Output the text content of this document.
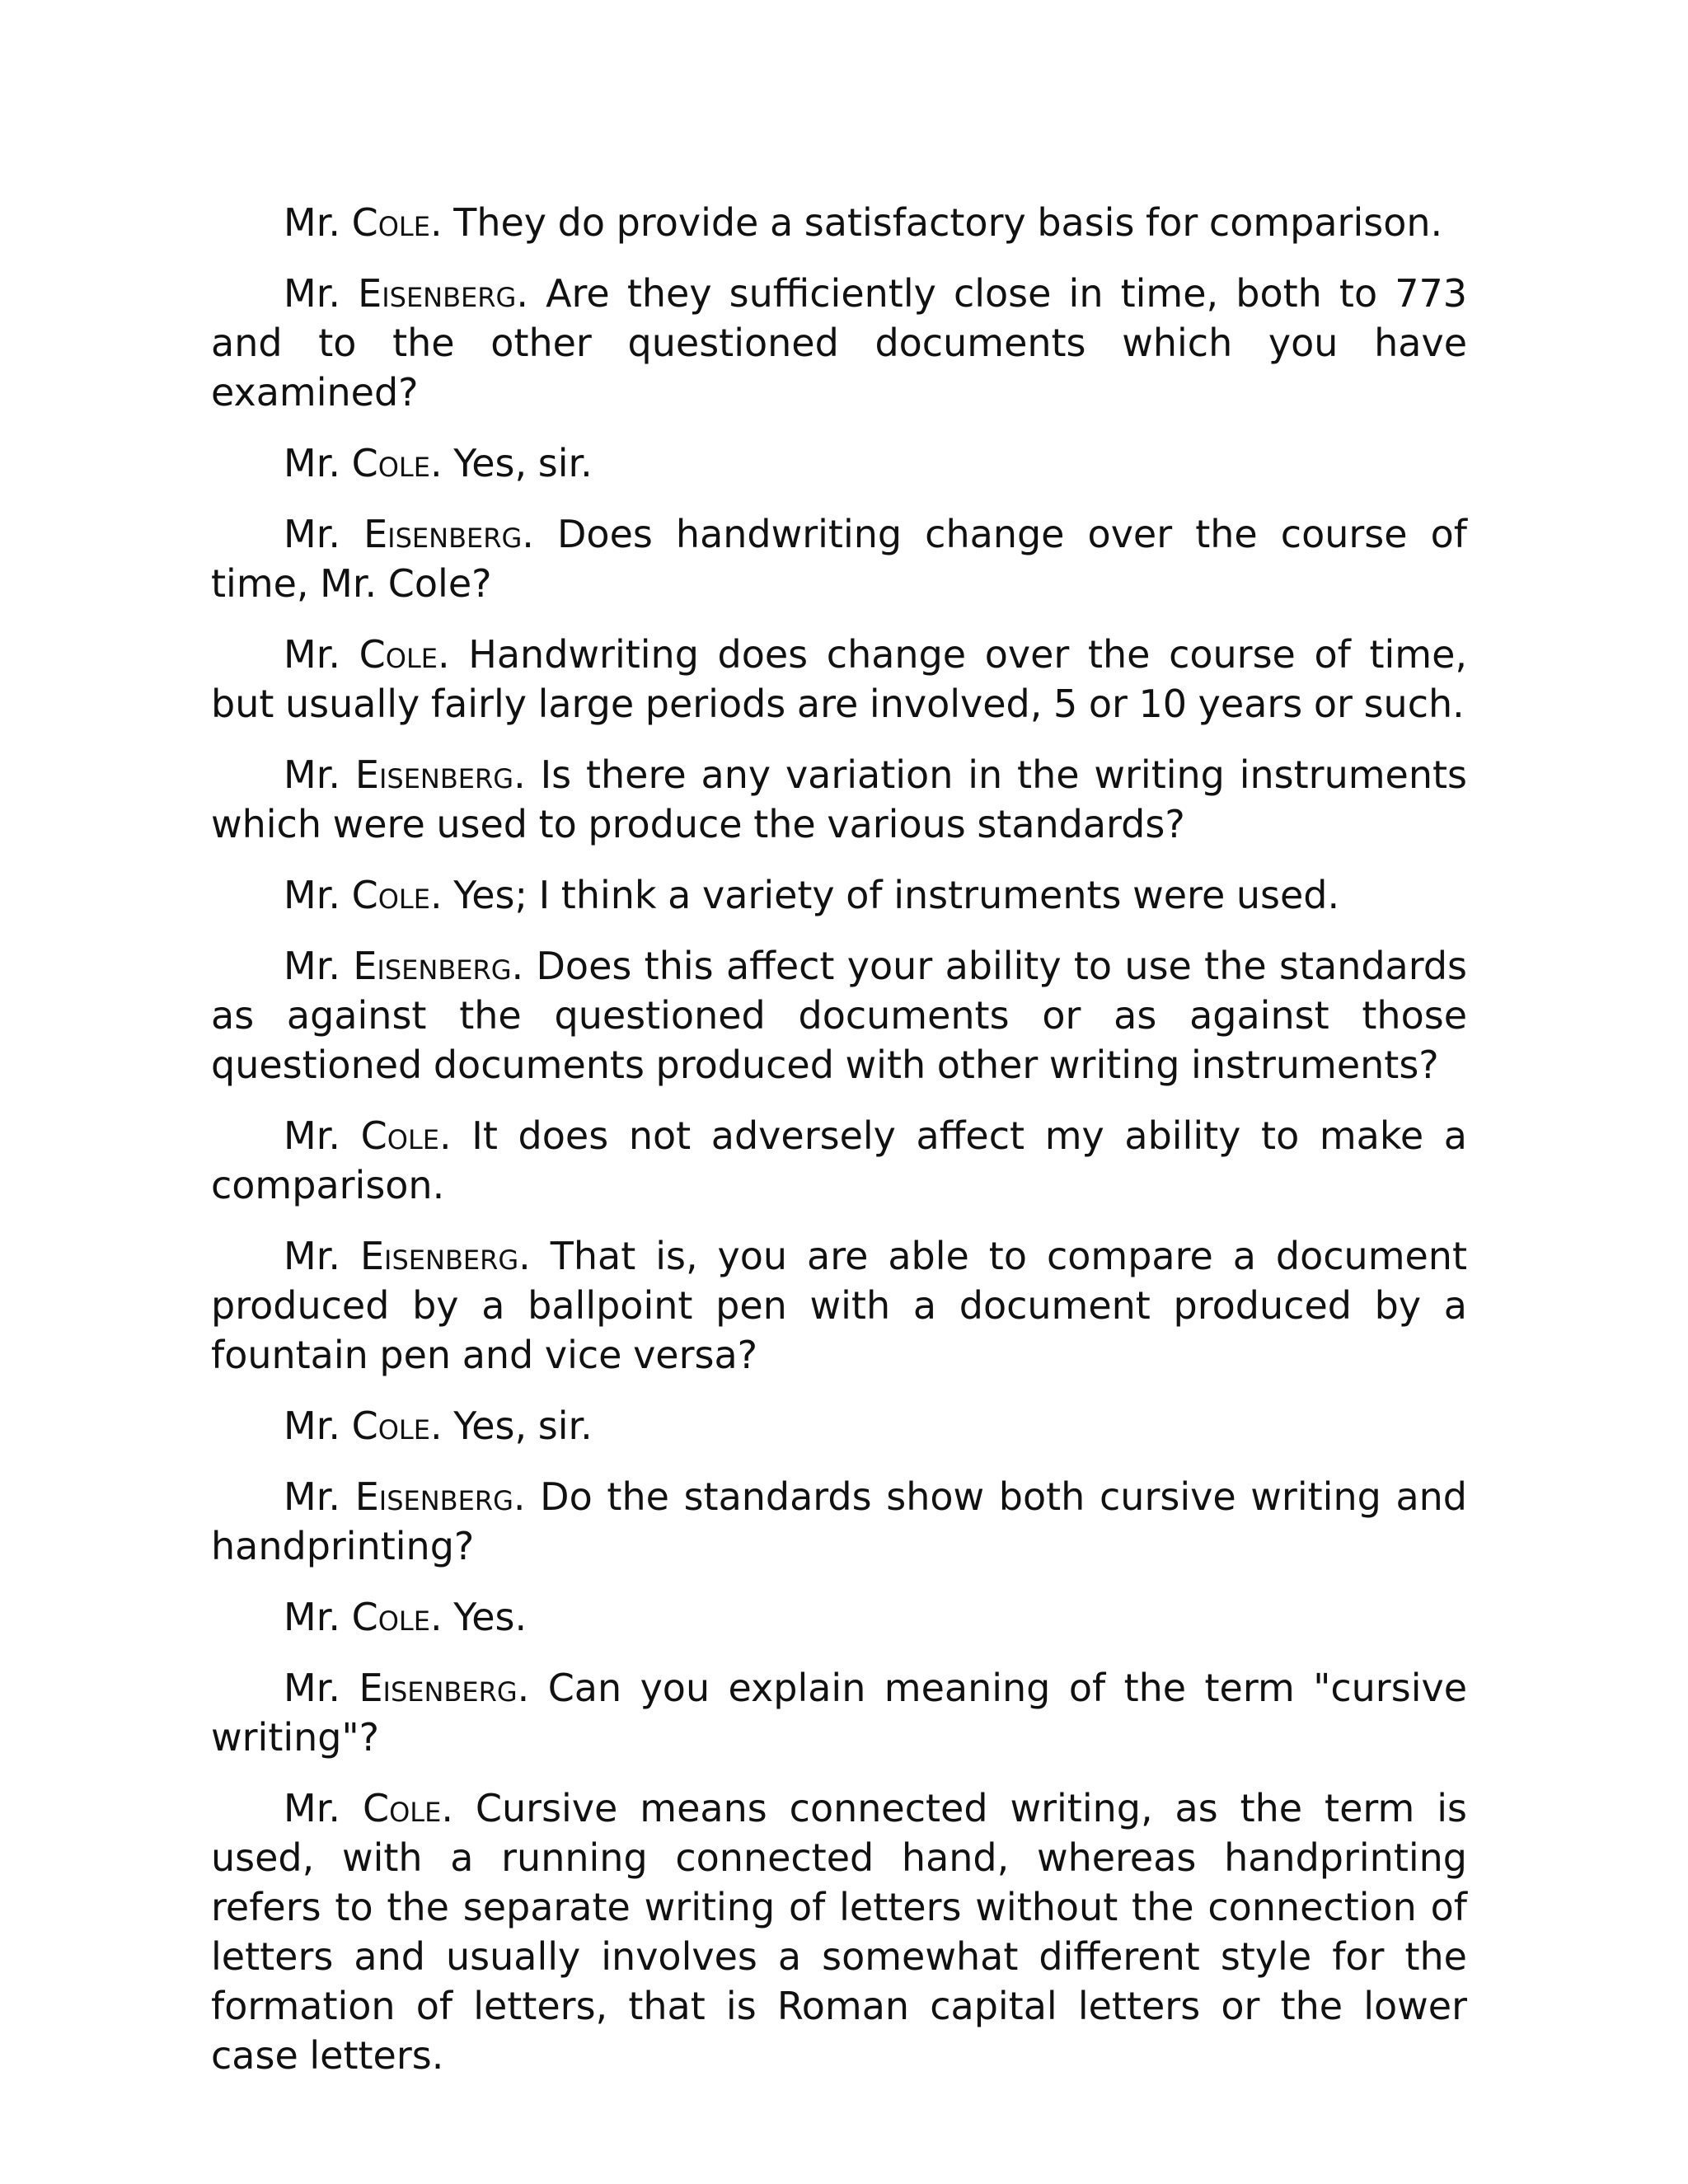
Mr. Cole. They do provide a satisfactory basis for comparison.

Mr. Eisenberg. Are they sufficiently close in time, both to 773 and to the other questioned documents which you have examined?

Mr. Cole. Yes, sir.

Mr. Eisenberg. Does handwriting change over the course of time, Mr. Cole?

Mr. Cole. Handwriting does change over the course of time, but usually fairly large periods are involved, 5 or 10 years or such.

Mr. Eisenberg. Is there any variation in the writing instruments which were used to produce the various standards?

Mr. Cole. Yes; I think a variety of instruments were used.

Mr. Eisenberg. Does this affect your ability to use the standards as against the questioned documents or as against those questioned documents produced with other writing instruments?

Mr. Cole. It does not adversely affect my ability to make a comparison.

Mr. Eisenberg. That is, you are able to compare a document produced by a ballpoint pen with a document produced by a fountain pen and vice versa?

Mr. Cole. Yes, sir.

Mr. Eisenberg. Do the standards show both cursive writing and handprinting?

Mr. Cole. Yes.

Mr. Eisenberg. Can you explain meaning of the term "cursive writing"?

Mr. Cole. Cursive means connected writing, as the term is used, with a running connected hand, whereas handprinting refers to the separate writing of letters without the connection of letters and usually involves a somewhat different style for the formation of letters, that is Roman capital letters or the lower case letters.
